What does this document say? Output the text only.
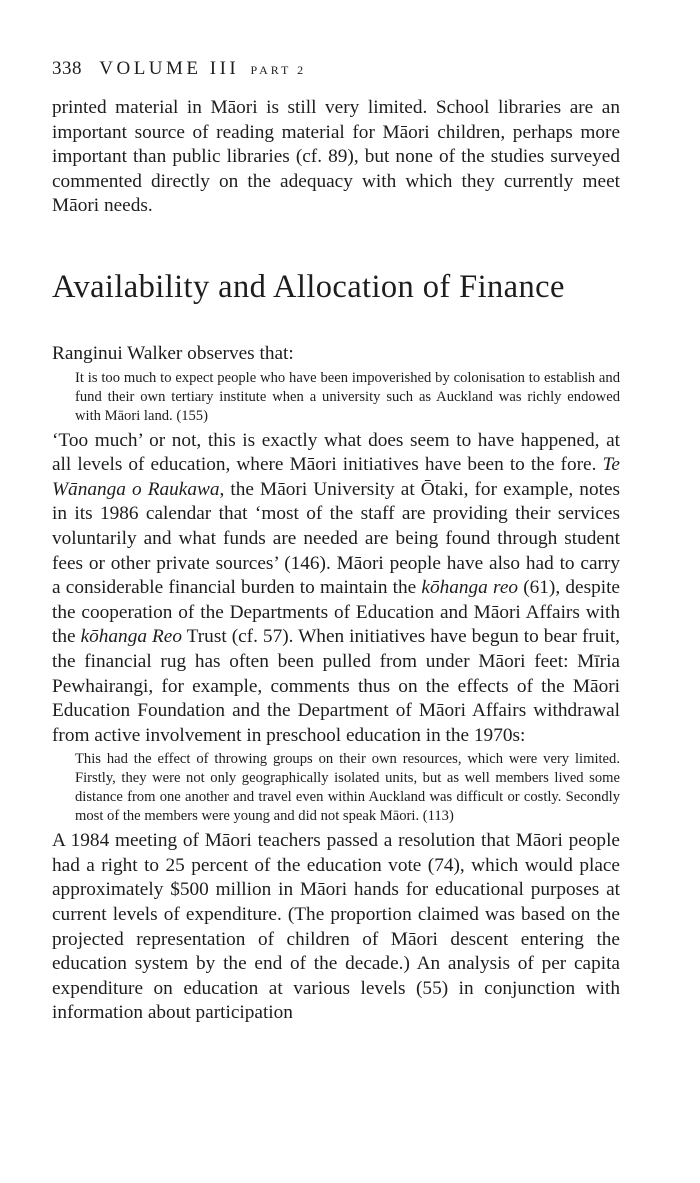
338 VOLUME III PART 2

printed material in Māori is still very limited. School libraries are an important source of reading material for Māori children, perhaps more important than public libraries (cf. 89), but none of the studies surveyed commented directly on the adequacy with which they currently meet Māori needs.

Availability and Allocation of Finance

Ranginui Walker observes that:

It is too much to expect people who have been impoverished by colonisation to establish and fund their own tertiary institute when a university such as Auckland was richly endowed with Māori land. (155)

‘Too much’ or not, this is exactly what does seem to have happened, at all levels of education, where Māori initiatives have been to the fore. Te Wānanga o Raukawa, the Māori University at Ōtaki, for example, notes in its 1986 calendar that ‘most of the staff are providing their services voluntarily and what funds are needed are being found through student fees or other private sources’ (146). Māori people have also had to carry a considerable financial burden to maintain the kōhanga reo (61), despite the cooperation of the Departments of Education and Māori Affairs with the kōhanga Reo Trust (cf. 57). When initiatives have begun to bear fruit, the financial rug has often been pulled from under Māori feet: Mīria Pewhairangi, for example, comments thus on the effects of the Māori Education Foundation and the Department of Māori Affairs withdrawal from active involvement in preschool education in the 1970s:

This had the effect of throwing groups on their own resources, which were very limited. Firstly, they were not only geographically isolated units, but as well members lived some distance from one another and travel even within Auckland was difficult or costly. Secondly most of the members were young and did not speak Māori. (113)

A 1984 meeting of Māori teachers passed a resolution that Māori people had a right to 25 percent of the education vote (74), which would place approximately $500 million in Māori hands for educational purposes at current levels of expenditure. (The proportion claimed was based on the projected representation of children of Māori descent entering the education system by the end of the decade.) An analysis of per capita expenditure on education at various levels (55) in conjunction with information about participation
